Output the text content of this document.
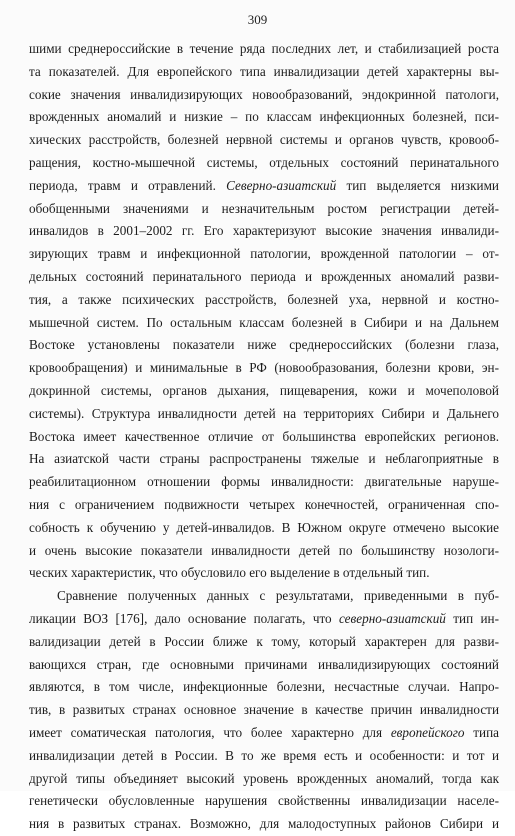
309
шими среднероссийские в течение ряда последних лет, и стабилизацией роста
та показателей. Для европейского типа инвалидизации детей характерны вы-
сокие значения инвалидизирующих новообразований, эндокринной патологи,
врожденных аномалий и низкие – по классам инфекционных болезней, пси-
хических расстройств, болезней нервной системы и органов чувств, кровооб-
ращения, костно-мышечной системы, отдельных состояний перинатального
периода, травм и отравлений. Северно-азиатский тип выделяется низкими
обобщенными значениями и незначительным ростом регистрации детей-
инвалидов в 2001–2002 гг. Его характеризуют высокие значения инвалиди-
зирующих травм и инфекционной патологии, врожденной патологии – от-
дельных состояний перинатального периода и врожденных аномалий разви-
тия, а также психических расстройств, болезней уха, нервной и костно-
мышечной систем. По остальным классам болезней в Сибири и на Дальнем
Востоке установлены показатели ниже среднероссийских (болезни глаза,
кровообращения) и минимальные в РФ (новообразования, болезни крови, эн-
докринной системы, органов дыхания, пищеварения, кожи и мочеполовой
системы). Структура инвалидности детей на территориях Сибири и Дальнего
Востока имеет качественное отличие от большинства европейских регионов.
На азиатской части страны распространены тяжелые и неблагоприятные в
реабилитационном отношении формы инвалидности: двигательные наруше-
ния с ограничением подвижности четырех конечностей, ограниченная спо-
собность к обучению у детей-инвалидов. В Южном округе отмечено высокие
и очень высокие показатели инвалидности детей по большинству нозологи-
ческих характеристик, что обусловило его выделение в отдельный тип.
Сравнение полученных данных с результатами, приведенными в пуб-
ликации ВОЗ [176], дало основание полагать, что северно-азиатский тип ин-
валидизации детей в России ближе к тому, который характерен для разви-
вающихся стран, где основными причинами инвалидизирующих состояний
являются, в том числе, инфекционные болезни, несчастные случаи. Напро-
тив, в развитых странах основное значение в качестве причин инвалидности
имеет соматическая патология, что более характерно для европейского типа
инвалидизации детей в России. В то же время есть и особенности: и тот и
другой типы объединяет высокий уровень врожденных аномалий, тогда как
генетически обусловленные нарушения свойственны инвалидизации населе-
ния в развитых странах. Возможно, для малодоступных районов Сибири и
